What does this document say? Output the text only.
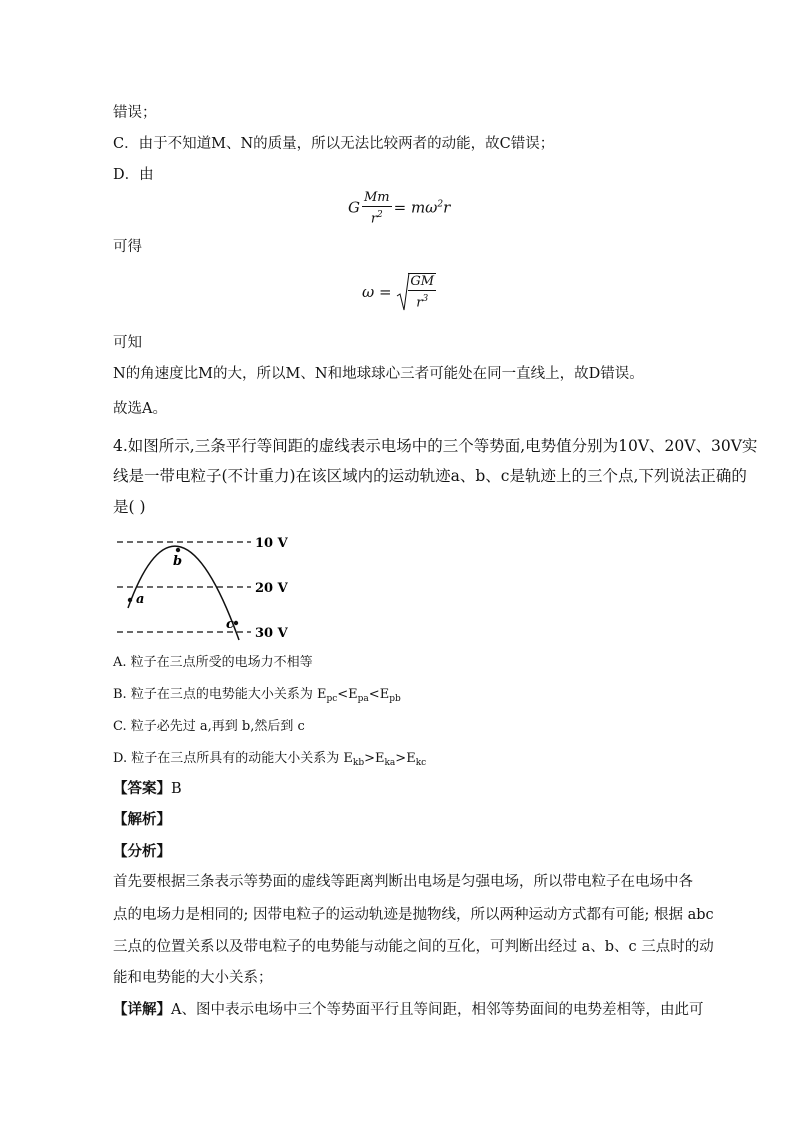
错误；
C．由于不知道M、N的质量，所以无法比较两者的动能，故C错误；
D．由
G $\frac{Mm}{r^2} = m\omega^2r$
可得
$\omega = \frac{GM}{r^3}$
可知
N的角速度比M的大，所以M、N和地球球心三者可能处在同一直线上，故D错误。
故选A。
4.如图所示,三条平行等间距的虚线表示电场中的三个等势面,电势值分别为10V、20V、30V实
线是一带电粒子(不计重力)在该区域内的运动轨迹a、b、c是轨迹上的三个点,下列说法正确的
是( )
10 V
20 V
30 V
b
a
c
A. 粒子在三点所受的电场力不相等
B. 粒子在三点的电势能大小关系为 $E_{pc}<E_{pa}<E_{pb}$
C. 粒子必先过 a,再到 b,然后到 c
D. 粒子在三点所具有的动能大小关系为 $E_{kb}>E_{ka}>E_{kc}$
【答案】B
【解析】
【分析】
首先要根据三条表示等势面的虚线等距离判断出电场是匀强电场，所以带电粒子在电场中各
点的电场力是相同的; 因带电粒子的运动轨迹是抛物线，所以两种运动方式都有可能; 根据 abc
三点的位置关系以及带电粒子的电势能与动能之间的互化，可判断出经过 a、b、c 三点时的动
能和电势能的大小关系；
【详解】A、图中表示电场中三个等势面平行且等间距，相邻等势面间的电势差相等，由此可
